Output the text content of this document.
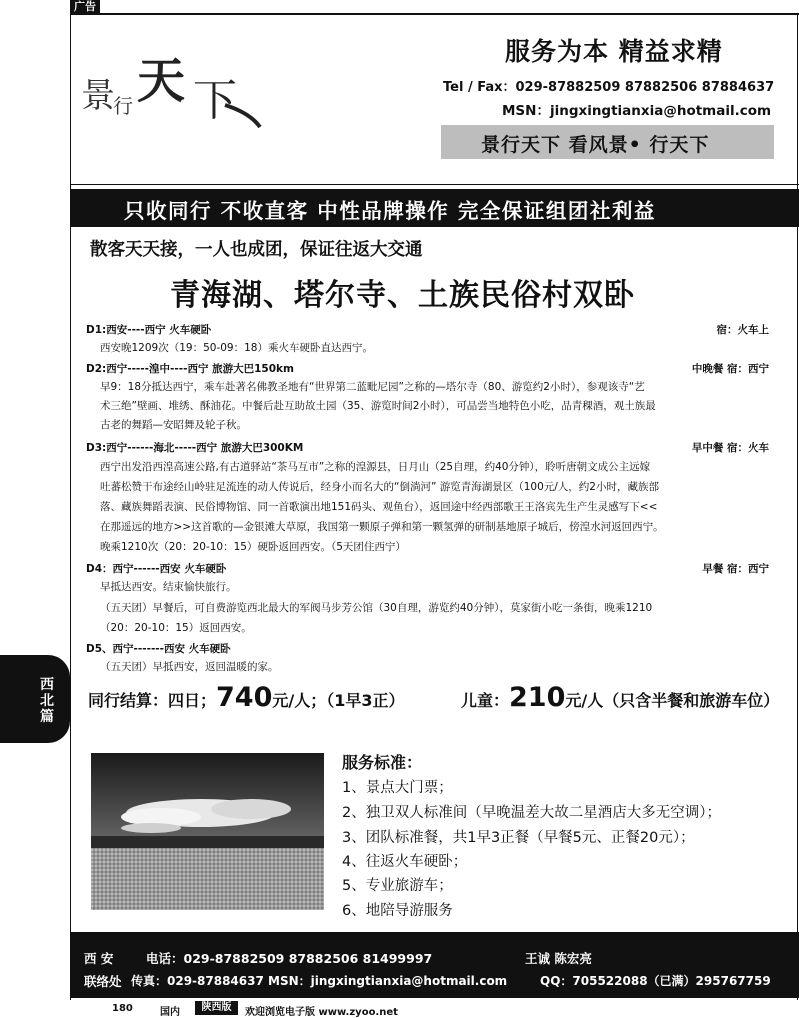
广告
景
行 天 下
服务为本 精益求精
Tel / Fax：029-87882509 87882506 87884637
MSN：jingxingtianxia@hotmail.com
景行天下 看风景• 行天下
只收同行 不收直客 中性品牌操作 完全保证组团社利益
散客天天接，一人也成团，保证往返大交通
青海湖、塔尔寺、土族民俗村双卧
D1:西安----西宁 火车硬卧	宿：火车上
西安晚1209次（19：50-09：18）乘火车硬卧直达西宁。
D2:西宁-----湟中----西宁 旅游大巴150km	中晚餐 宿：西宁
早9：18分抵达西宁，乘车赴著名佛教圣地有“世界第二蓝毗尼园”之称的—塔尔寺（80、游览约2小时），参观该寺“艺
术三绝”壁画、堆绣、酥油花。中餐后赴互助故土园（35、游览时间2小时），可品尝当地特色小吃，品青稞酒，观土族最
古老的舞蹈—安昭舞及轮子秋。
D3:西宁------海北-----西宁 旅游大巴300KM	早中餐 宿：火车
西宁出发沿西湟高速公路,有古道驿站“茶马互市”之称的湟源县，日月山（25自理，约40分钟），聆听唐朝文成公主远嫁
吐蕃松赞干布途经山岭驻足流连的动人传说后，经身小而名大的“倒淌河” 游览青海湖景区（100元/人，约2小时，藏族部
落、藏族舞蹈表演、民俗博物馆、同一首歌演出地151码头、观鱼台），返回途中经西部歌王王洛宾先生产生灵感写下<<
在那遥远的地方>>这首歌的—金银滩大草原，我国第一颗原子弹和第一颗氢弹的研制基地原子城后，傍湟水河返回西宁。
晚乘1210次（20：20-10：15）硬卧返回西安。（5天团住西宁）
D4：西宁------西安 火车硬卧	早餐 宿：西宁
早抵达西安。结束愉快旅行。
（五天团）早餐后，可自费游览西北最大的军阀马步芳公馆（30自理，游览约40分钟），莫家街小吃一条街，晚乘1210
（20：20-10：15）返回西安。
D5、西宁-------西安 火车硬卧
（五天团）早抵西安，返回温暖的家。
西北篇
同行结算：四日；740元/人；（1早3正）	儿童：210元/人（只含半餐和旅游车位）
服务标准：
1、景点大门票；
2、独卫双人标准间（早晚温差大故二星酒店大多无空调）；
3、团队标准餐，共1早3正餐（早餐5元、正餐20元）；
4、往返火车硬卧；
5、专业旅游车；
6、地陪导游服务
西 安	电话：029-87882509 87882506 81499997	王诚 陈宏亮
联络处 传真：029-87884637 MSN：jingxingtianxia@hotmail.com	QQ：705522088（已满）295767759
180	国内	陕西版	欢迎浏览电子版 www.zyoo.net
